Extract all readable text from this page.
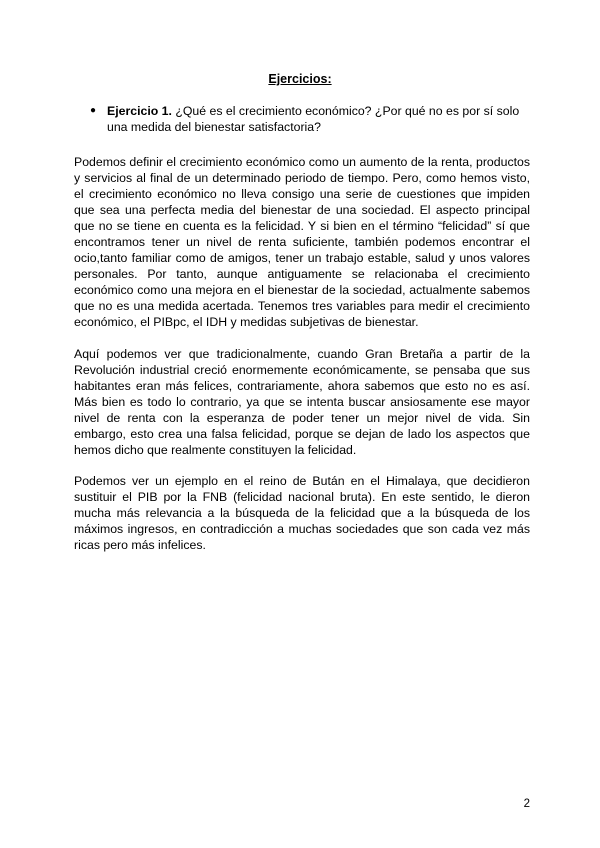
Ejercicios:
● Ejercicio 1. ¿Qué es el crecimiento económico? ¿Por qué no es por sí solo una medida del bienestar satisfactoria?

Podemos definir el crecimiento económico como un aumento de la renta, productos y servicios al final de un determinado periodo de tiempo. Pero, como hemos visto, el crecimiento económico no lleva consigo una serie de cuestiones que impiden que sea una perfecta media del bienestar de una sociedad. El aspecto principal que no se tiene en cuenta es la felicidad. Y si bien en el término “felicidad” sí que encontramos tener un nivel de renta suficiente, también podemos encontrar el ocio,tanto familiar como de amigos, tener un trabajo estable, salud y unos valores personales. Por tanto, aunque antiguamente se relacionaba el crecimiento económico como una mejora en el bienestar de la sociedad, actualmente sabemos que no es una medida acertada. Tenemos tres variables para medir el crecimiento económico, el PIBpc, el IDH y medidas subjetivas de bienestar.

Aquí podemos ver que tradicionalmente, cuando Gran Bretaña a partir de la Revolución industrial creció enormemente económicamente, se pensaba que sus habitantes eran más felices, contrariamente, ahora sabemos que esto no es así. Más bien es todo lo contrario, ya que se intenta buscar ansiosamente ese mayor nivel de renta con la esperanza de poder tener un mejor nivel de vida. Sin embargo, esto crea una falsa felicidad, porque se dejan de lado los aspectos que hemos dicho que realmente constituyen la felicidad.

Podemos ver un ejemplo en el reino de Bután en el Himalaya, que decidieron sustituir el PIB por la FNB (felicidad nacional bruta). En este sentido, le dieron mucha más relevancia a la búsqueda de la felicidad que a la búsqueda de los máximos ingresos, en contradicción a muchas sociedades que son cada vez más ricas pero más infelices.

2
